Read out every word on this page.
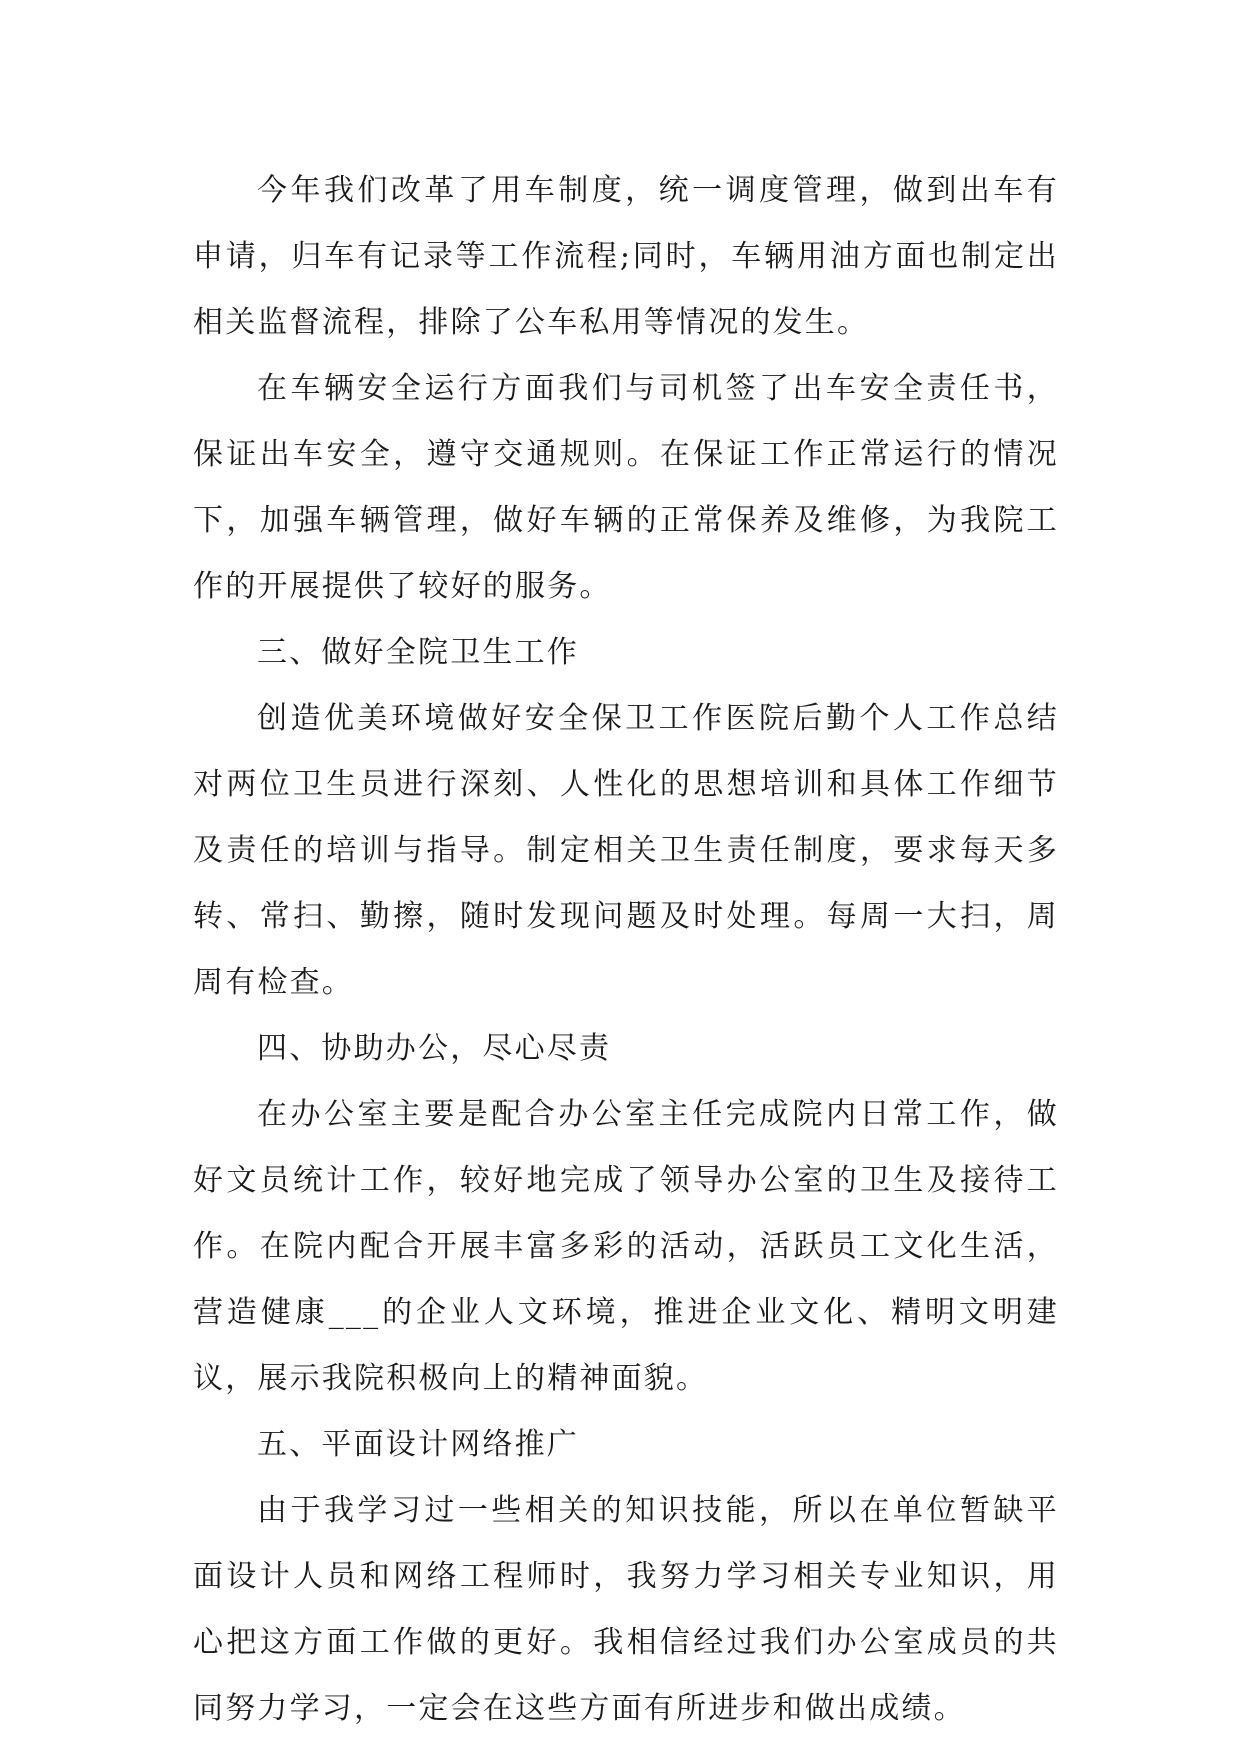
今年我们改革了用车制度，统一调度管理，做到出车有申请，归车有记录等工作流程;同时，车辆用油方面也制定出相关监督流程，排除了公车私用等情况的发生。

在车辆安全运行方面我们与司机签了出车安全责任书，保证出车安全，遵守交通规则。在保证工作正常运行的情况下，加强车辆管理，做好车辆的正常保养及维修，为我院工作的开展提供了较好的服务。

三、做好全院卫生工作

创造优美环境做好安全保卫工作医院后勤个人工作总结对两位卫生员进行深刻、人性化的思想培训和具体工作细节及责任的培训与指导。制定相关卫生责任制度，要求每天多转、常扫、勤擦，随时发现问题及时处理。每周一大扫，周周有检查。

四、协助办公，尽心尽责

在办公室主要是配合办公室主任完成院内日常工作，做好文员统计工作，较好地完成了领导办公室的卫生及接待工作。在院内配合开展丰富多彩的活动，活跃员工文化生活，营造健康___的企业人文环境，推进企业文化、精明文明建议，展示我院积极向上的精神面貌。

五、平面设计网络推广

由于我学习过一些相关的知识技能，所以在单位暂缺平面设计人员和网络工程师时，我努力学习相关专业知识，用心把这方面工作做的更好。我相信经过我们办公室成员的共同努力学习，一定会在这些方面有所进步和做出成绩。
